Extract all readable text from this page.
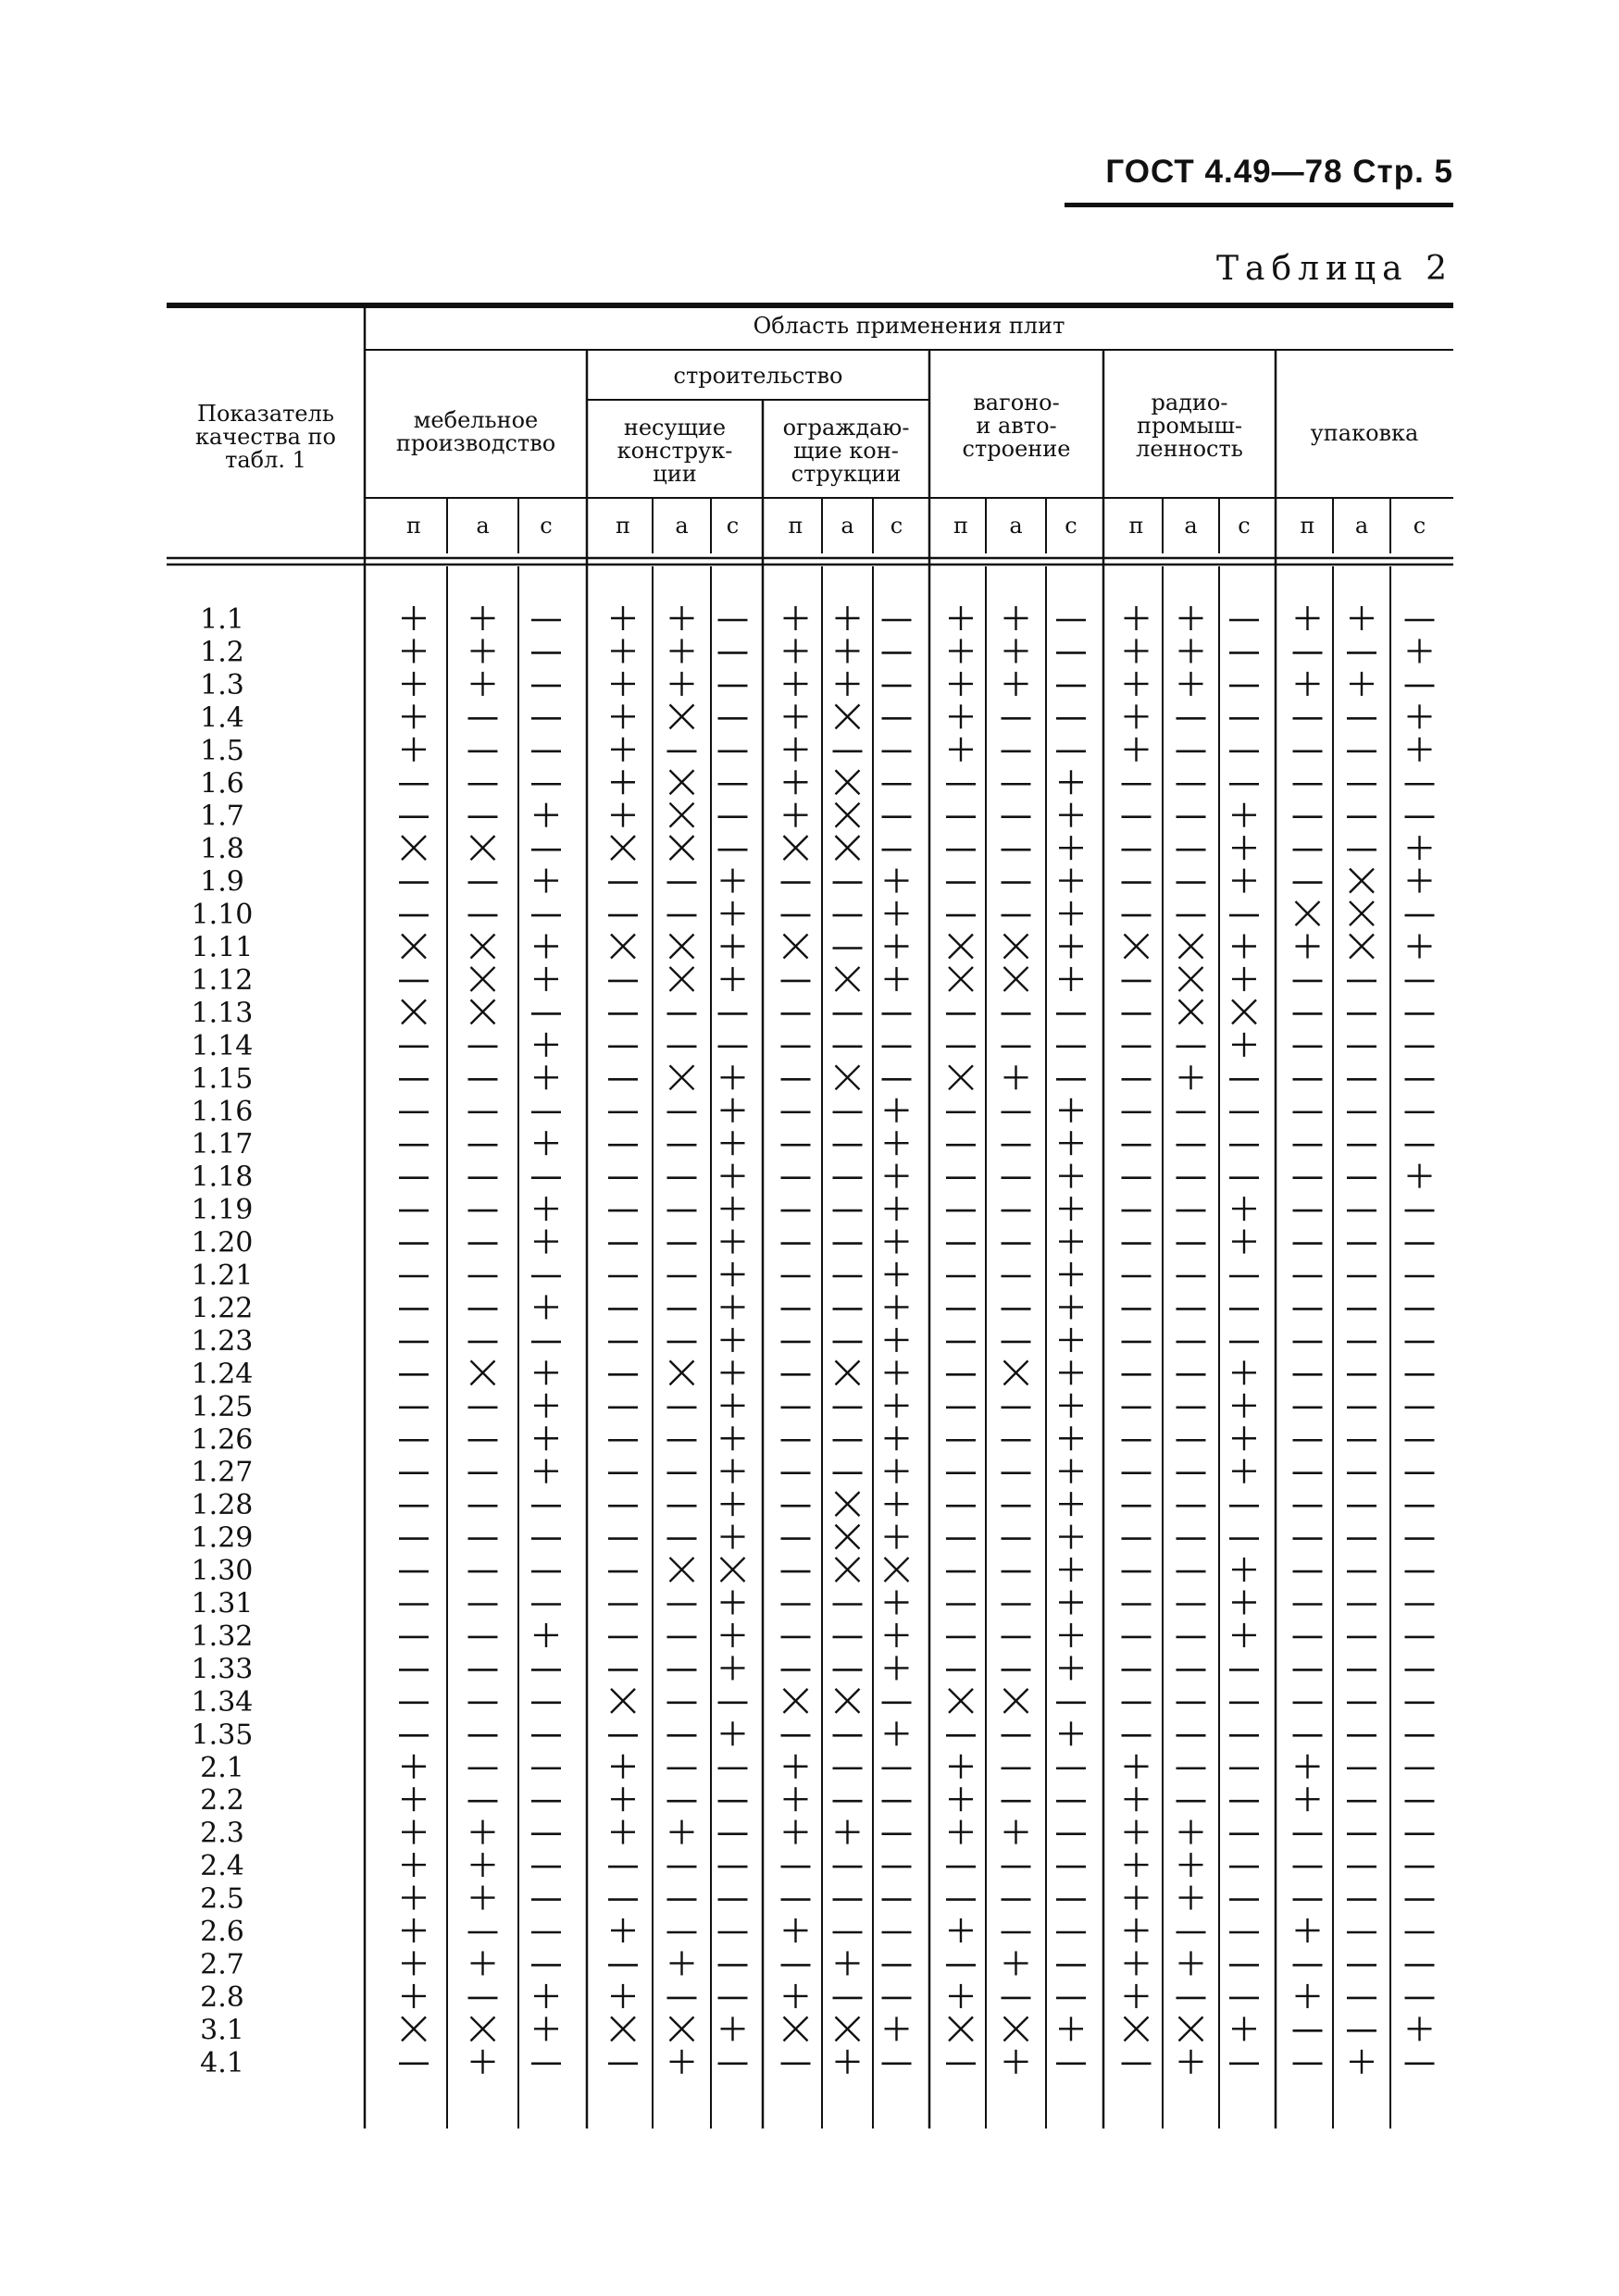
ГОСТ 4.49—78 Стр. 5
Таблица 2
Показатель
качества по
табл. 1
Область применения плит
строительство
мебельное
производство
несущие
конструк-
ции
ограждаю-
щие кон-
струкции
вагоно-
и авто-
строение
радио-
промыш-
ленность
упаковка
п а с	п а с п а с п а с п а с п а с
1.1
1.2
1.3
1.4
1.5
1.6
1.7
1.8
1.9
1.10
1.11
1.12
1.13
1.14
1.15
1.16
1.17
1.18
1.19
1.20
1.21
1.22
1.23
1.24
1.25
1.26
1.27
1.28
1.29
1.30
1.31
1.32
1.33
1.34
1.35
2.1
2.2
2.3
2.4
2.5
2.6
2.7
2.8
3.1
4.1
